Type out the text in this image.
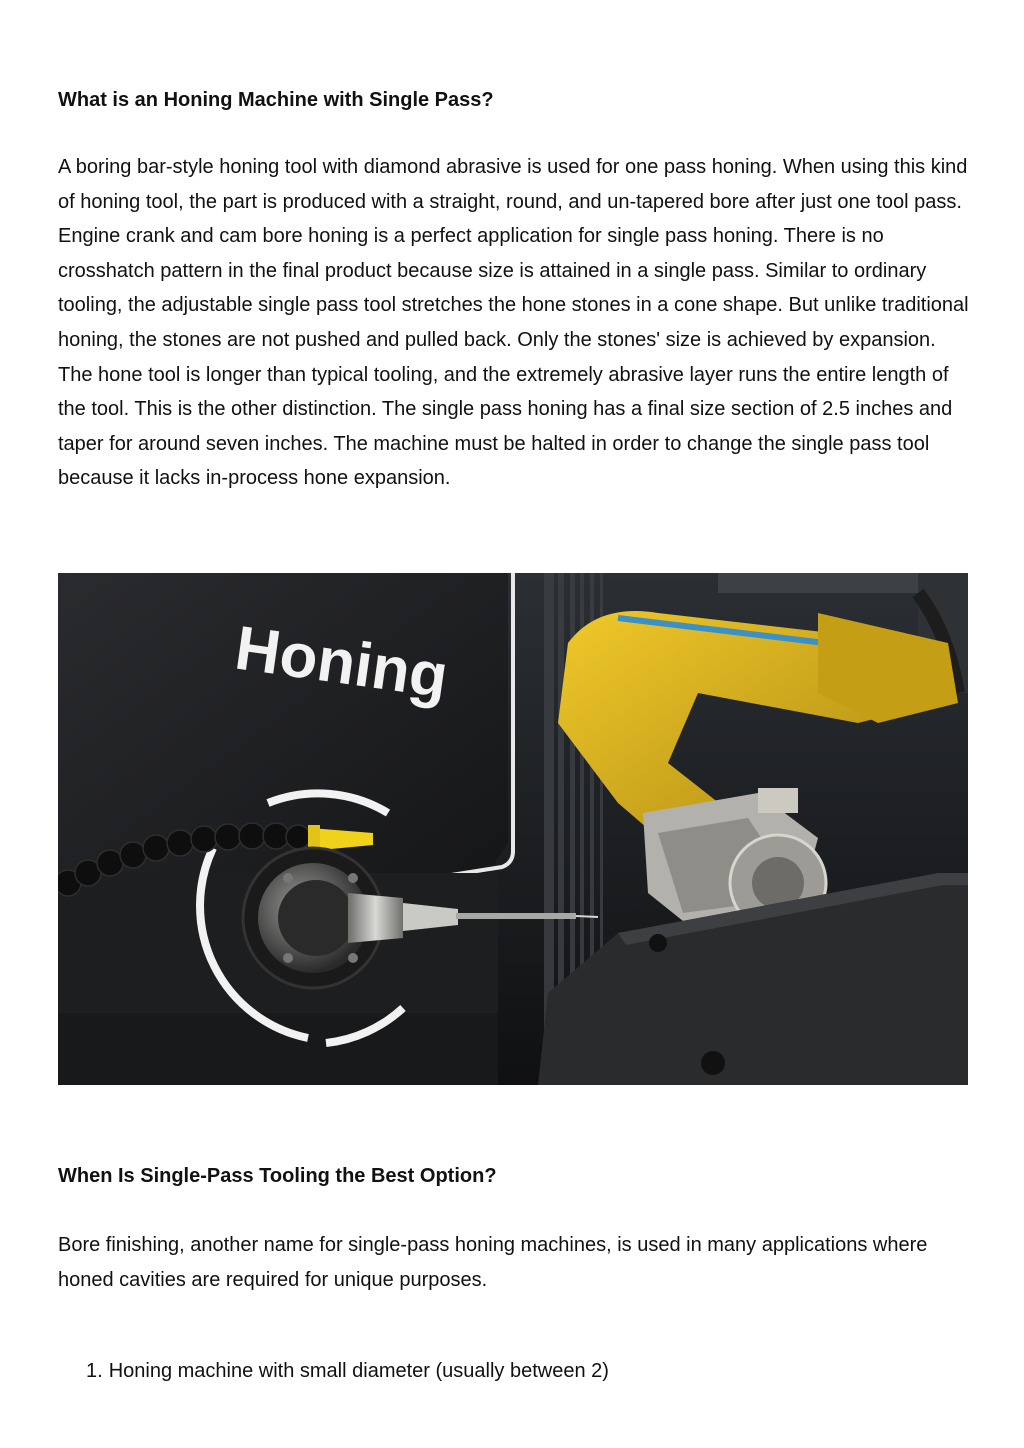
What is an Honing Machine with Single Pass?

A boring bar-style honing tool with diamond abrasive is used for one pass honing. When using this kind of honing tool, the part is produced with a straight, round, and un-tapered bore after just one tool pass. Engine crank and cam bore honing is a perfect application for single pass honing. There is no crosshatch pattern in the final product because size is attained in a single pass. Similar to ordinary tooling, the adjustable single pass tool stretches the hone stones in a cone shape. But unlike traditional honing, the stones are not pushed and pulled back. Only the stones' size is achieved by expansion. The hone tool is longer than typical tooling, and the extremely abrasive layer runs the entire length of the tool. This is the other distinction. The single pass honing has a final size section of 2.5 inches and taper for around seven inches. The machine must be halted in order to change the single pass tool because it lacks in-process hone expansion.

Honing
When Is Single-Pass Tooling the Best Option?

Bore finishing, another name for single-pass honing machines, is used in many applications where honed cavities are required for unique purposes.

1. Honing machine with small diameter (usually between 2)
